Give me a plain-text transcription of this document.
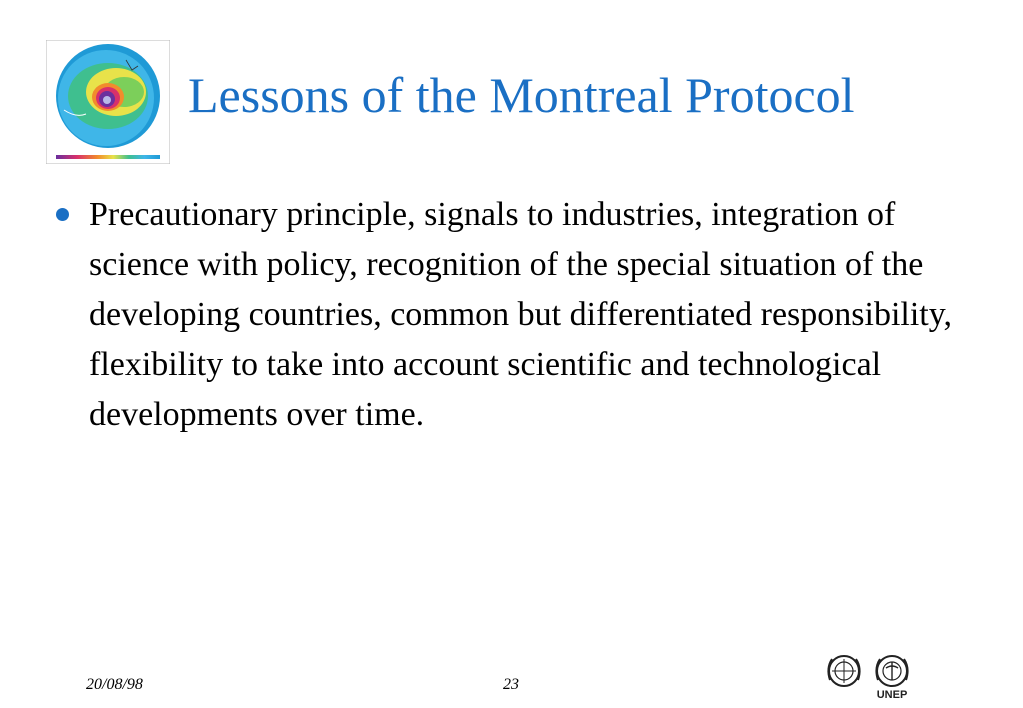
Lessons of the Montreal Protocol
Precautionary principle, signals to industries, integration of science with policy, recognition of the special situation of the developing countries, common but differentiated responsibility, flexibility to take into account scientific and technological developments over time.
20/08/98	23
UNEP
